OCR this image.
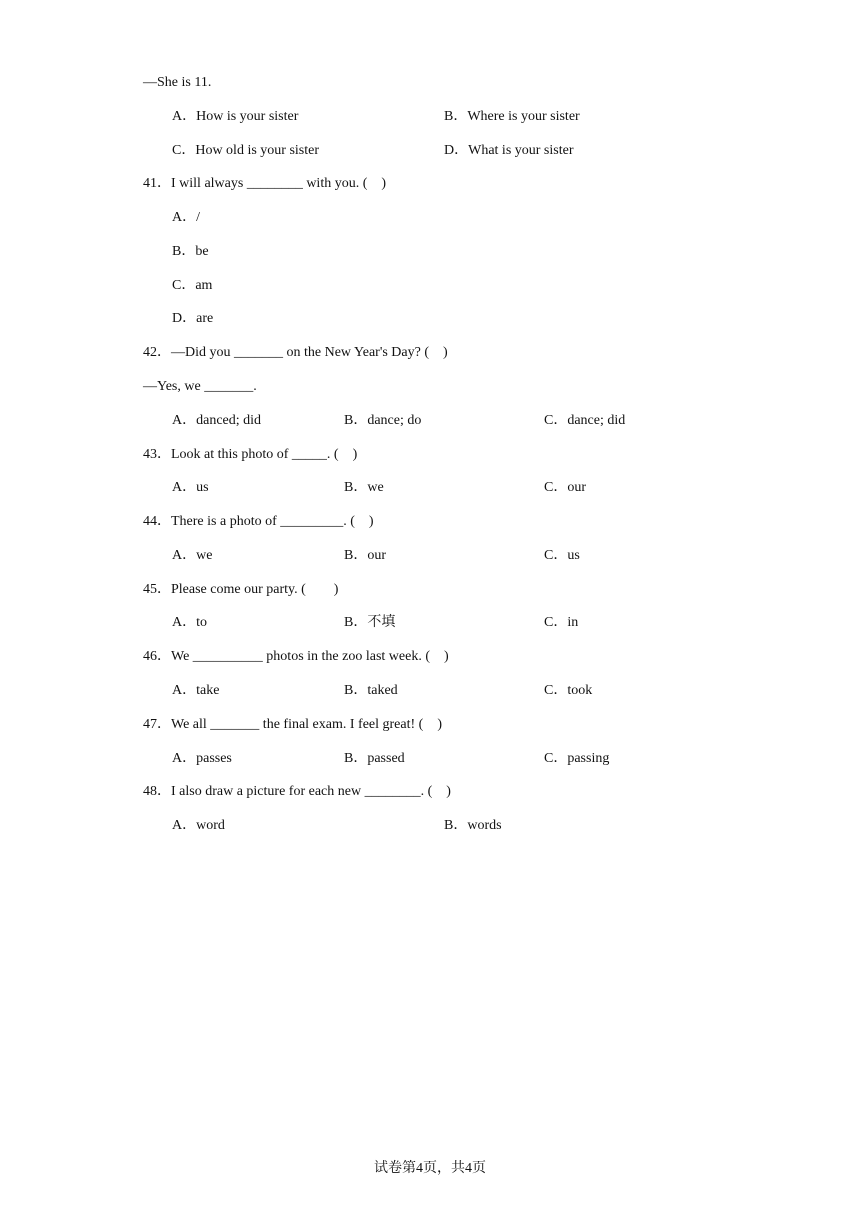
—She is 11.
A．How is your sister	B．Where is your sister
C．How old is your sister	D．What is your sister
41．I will always ________ with you. (　)
A．/
B．be
C．am
D．are
42．—Did you _______ on the New Year's Day? (　)
—Yes, we _______.
A．danced; did	B．dance; do	C．dance; did
43．Look at this photo of _____. (　)
A．us	B．we	C．our
44．There is a photo of _________. (　)
A．we	B．our	C．us
45．Please come our party. (　　)
A．to	B．不填	C．in
46．We __________ photos in the zoo last week. (　)
A．take	B．taked	C．took
47．We all _______ the final exam. I feel great! (　)
A．passes	B．passed	C．passing
48．I also draw a picture for each new ________. (　)
A．word	B．words
试卷第4页，共4页
